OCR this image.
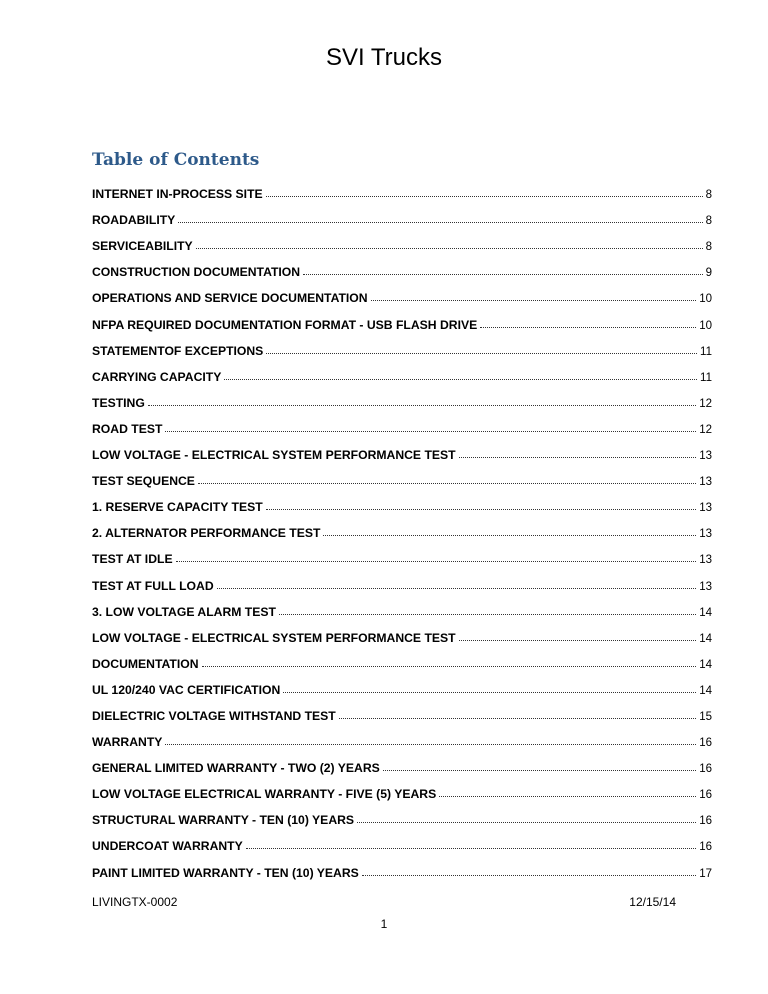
SVI Trucks
Table of Contents
INTERNET IN-PROCESS SITE	8
ROADABILITY	8
SERVICEABILITY	8
CONSTRUCTION DOCUMENTATION	9
OPERATIONS AND SERVICE DOCUMENTATION	10
NFPA REQUIRED DOCUMENTATION FORMAT - USB FLASH DRIVE	10
STATEMENTOF EXCEPTIONS	11
CARRYING CAPACITY	11
TESTING	12
ROAD TEST	12
LOW VOLTAGE - ELECTRICAL SYSTEM PERFORMANCE TEST	13
TEST SEQUENCE	13
1. RESERVE CAPACITY TEST	13
2. ALTERNATOR PERFORMANCE TEST	13
TEST AT IDLE	13
TEST AT FULL LOAD	13
3. LOW VOLTAGE ALARM TEST	14
LOW VOLTAGE - ELECTRICAL SYSTEM PERFORMANCE TEST	14
DOCUMENTATION	14
UL 120/240 VAC CERTIFICATION	14
DIELECTRIC VOLTAGE WITHSTAND TEST	15
WARRANTY	16
GENERAL LIMITED WARRANTY - TWO (2) YEARS	16
LOW VOLTAGE ELECTRICAL WARRANTY - FIVE (5) YEARS	16
STRUCTURAL WARRANTY - TEN (10) YEARS	16
UNDERCOAT WARRANTY	16
PAINT LIMITED WARRANTY - TEN (10) YEARS	17
LIVINGTX-0002	12/15/14
1
